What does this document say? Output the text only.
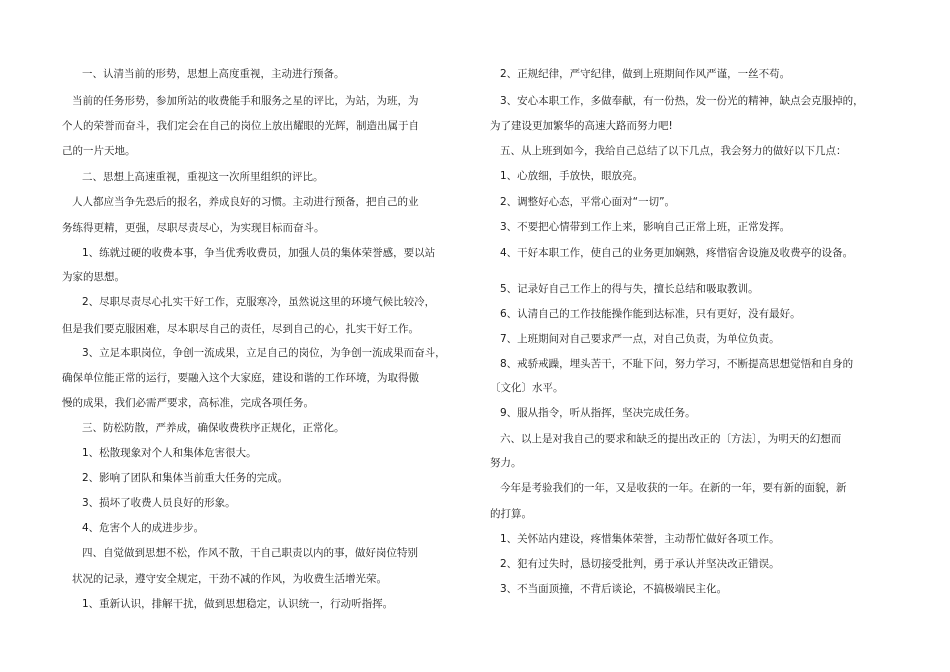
一、认清当前的形势，思想上高度重视，主动进行预备。
当前的任务形势，参加所站的收费能手和服务之星的评比，为站，为班，为
个人的荣誉而奋斗，我们定会在自己的岗位上放出耀眼的光辉，制造出属于自
己的一片天地。
二、思想上高速重视，重视这一次所里组织的评比。
人人都应当争先恐后的报名，养成良好的习惯。主动进行预备，把自己的业
务练得更精，更强，尽职尽责尽心，为实现目标而奋斗。
1、练就过硬的收费本事，争当优秀收费员，加强人员的集体荣誉感，要以站
为家的思想。
2、尽职尽责尽心扎实干好工作，克服寒冷，虽然说这里的环境气候比较冷，
但是我们要克服困难，尽本职尽自己的责任，尽到自己的心，扎实干好工作。
3、立足本职岗位，争创一流成果，立足自己的岗位，为争创一流成果而奋斗，
确保单位能正常的运行，要融入这个大家庭，建设和谐的工作环境，为取得傲
慢的成果，我们必需严要求，高标准，完成各项任务。
三、防松防散，严养成，确保收费秩序正规化，正常化。
1、松散现象对个人和集体危害很大。
2、影响了团队和集体当前重大任务的完成。
3、损坏了收费人员良好的形象。
4、危害个人的成进步步。
四、自觉做到思想不松，作风不散，干自己职责以内的事，做好岗位特别
状况的记录，遵守安全规定，干劲不减的作风，为收费生活增光荣。
1、重新认识，排解干扰，做到思想稳定，认识统一，行动听指挥。
2、正规纪律，严守纪律，做到上班期间作风严谨，一丝不苟。
3、安心本职工作，多做奉献，有一份热，发一份光的精神，缺点会克服掉的，
为了建设更加繁华的高速大路而努力吧!
五、从上班到如今，我给自己总结了以下几点，我会努力的做好以下几点：
1、心放细，手放快，眼放亮。
2、调整好心态，平常心面对“一切”。
3、不要把心情带到工作上来，影响自己正常上班，正常发挥。
4、干好本职工作，使自己的业务更加娴熟，疼惜宿舍设施及收费亭的设备。
5、记录好自己工作上的得与失，擅长总结和吸取教训。
6、认清自己的工作技能操作能到达标准，只有更好，没有最好。
7、上班期间对自己要求严一点，对自己负责，为单位负责。
8、戒骄戒躁，埋头苦干，不耻下问，努力学习，不断提高思想觉悟和自身的
〔文化〕水平。
9、服从指令，听从指挥，坚决完成任务。
六、以上是对我自己的要求和缺乏的提出改正的〔方法〕，为明天的幻想而
努力。
今年是考验我们的一年，又是收获的一年。在新的一年，要有新的面貌，新
的打算。
1、关怀站内建设，疼惜集体荣誉，主动帮忙做好各项工作。
2、犯有过失时，恳切接受批判，勇于承认并坚决改正错误。
3、不当面顶撞，不背后谈论，不搞极端民主化。
